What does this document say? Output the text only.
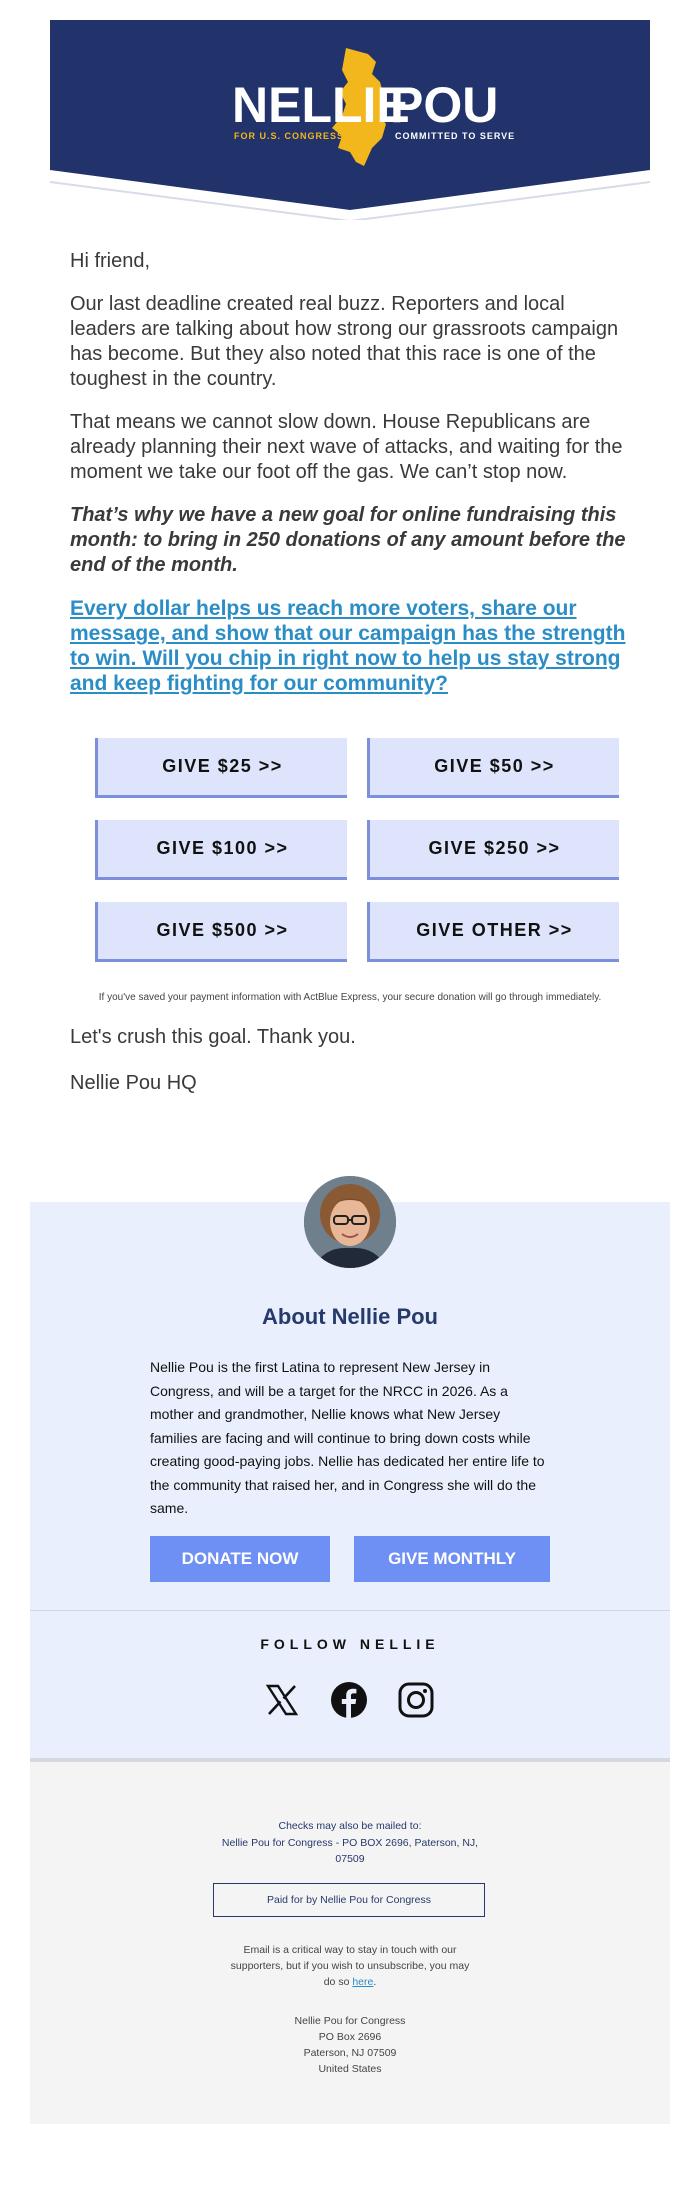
NELLIE
POU
FOR U.S. CONGRESS	COMMITTED TO SERVE

Hi friend,

Our last deadline created real buzz. Reporters and local leaders are talking about how strong our grassroots campaign has become. But they also noted that this race is one of the toughest in the country.

That means we cannot slow down. House Republicans are already planning their next wave of attacks, and waiting for the moment we take our foot off the gas. We can’t stop now.

That’s why we have a new goal for online fundraising this month: to bring in 250 donations of any amount before the end of the month.

Every dollar helps us reach more voters, share our message, and show that our campaign has the strength to win. Will you chip in right now to help us stay strong and keep fighting for our community?
GIVE $25 >>	GIVE $50 >>
GIVE $100 >>	GIVE $250 >>
GIVE $500 >>	GIVE OTHER >>

If you've saved your payment information with ActBlue Express, your secure donation will go through immediately.

Let's crush this goal. Thank you.

Nellie Pou HQ

About Nellie Pou

Nellie Pou is the first Latina to represent New Jersey in Congress, and will be a target for the NRCC in 2026. As a mother and grandmother, Nellie knows what New Jersey families are facing and will continue to bring down costs while creating good-paying jobs. Nellie has dedicated her entire life to the community that raised her, and in Congress she will do the same.

DONATE NOW	GIVE MONTHLY

FOLLOW NELLIE

Checks may also be mailed to:

Nellie Pou for Congress - PO BOX 2696, Paterson, NJ, 07509

Paid for by Nellie Pou for Congress

Email is a critical way to stay in touch with our supporters, but if you wish to unsubscribe, you may do so here.

Nellie Pou for Congress
PO Box 2696
Paterson, NJ 07509
United States
